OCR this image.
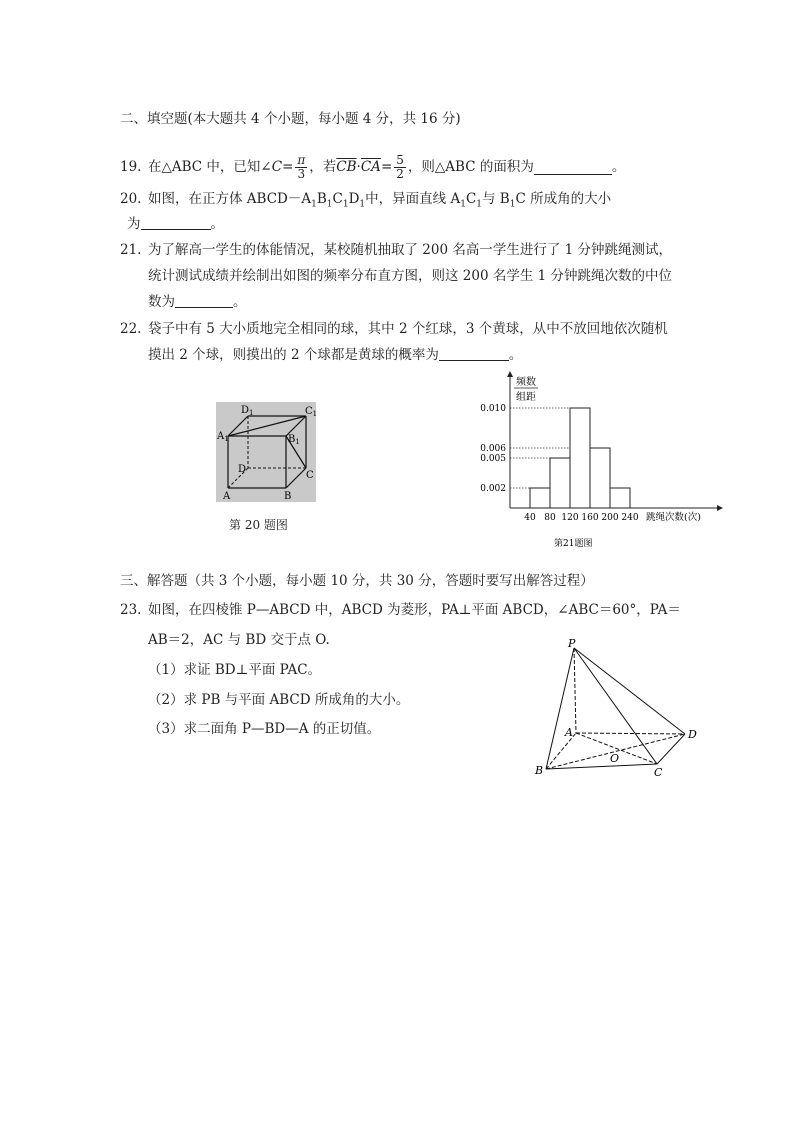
二、填空题(本大题共 4 个小题，每小题 4 分，共 16 分)
19. 在△ABC 中，已知∠ $C = \frac{\pi}{3}$ ，若 $\overline{CB} \cdot \overline{CA} = \frac{5}{2}$ ，则△ABC 的面积为	。
20. 如图，在正方体 $ABCD-A_1B_1C_1D_1$中，异面直线 $A_1C_1$与 $B_1C$ 所成角的大小
为	。
21. 为了解高一学生的体能情况，某校随机抽取了 200 名高一学生进行了 1 分钟跳绳测试，
统计测试成绩并绘制出如图的频率分布直方图，则这 200 名学生 1 分钟跳绳次数的中位
数为	。
22. 袋子中有 5 大小质地完全相同的球，其中 2 个红球，3 个黄球，从中不放回地依次随机
摸出 2 个球，则摸出的 2 个球都是黄球的概率为	。
$D_1$	$C_1$
$A_1$	$B_1$
D
C
A	B
第 20 题图
0.002
0.005
0.006
0.010
40 80 120 160 200 240
频数
组距
跳绳次数(次)
第21题图
三、解答题（共 3 个小题，每小题 10 分，共 30 分，答题时要写出解答过程）
23. 如图，在四棱锥 P—ABCD 中，ABCD 为菱形，PA⊥平面 ABCD，∠ABC＝60°，PA＝
AB＝2，AC 与 BD 交于点 O.
（1）求证 BD⊥平面 PAC。
（2）求 PB 与平面 ABCD 所成角的大小。
（3）求二面角 P—BD—A 的正切值。
P
A
B	C
D
O
